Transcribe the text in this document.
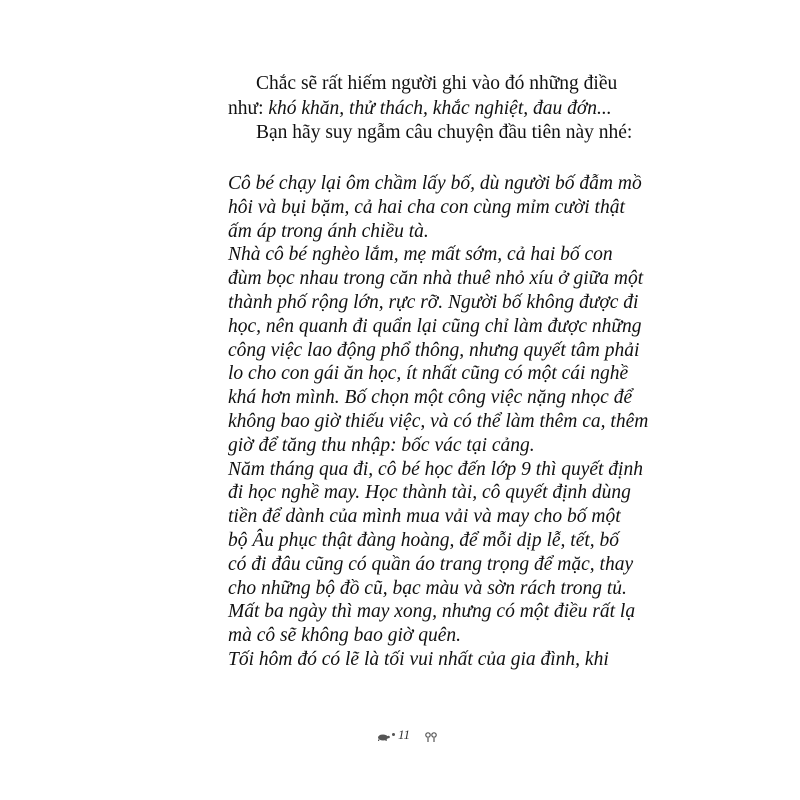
Chắc sẽ rất hiếm người ghi vào đó những điều
như: khó khăn, thử thách, khắc nghiệt, đau đớn...
Bạn hãy suy ngẫm câu chuyện đầu tiên này nhé:
Cô bé chạy lại ôm chầm lấy bố, dù người bố đẫm mồ
hôi và bụi bặm, cả hai cha con cùng mỉm cười thật
ấm áp trong ánh chiều tà.
Nhà cô bé nghèo lắm, mẹ mất sớm, cả hai bố con
đùm bọc nhau trong căn nhà thuê nhỏ xíu ở giữa một
thành phố rộng lớn, rực rỡ. Người bố không được đi
học, nên quanh đi quẩn lại cũng chỉ làm được những
công việc lao động phổ thông, nhưng quyết tâm phải
lo cho con gái ăn học, ít nhất cũng có một cái nghề
khá hơn mình. Bố chọn một công việc nặng nhọc để
không bao giờ thiếu việc, và có thể làm thêm ca, thêm
giờ để tăng thu nhập: bốc vác tại cảng.
Năm tháng qua đi, cô bé học đến lớp 9 thì quyết định
đi học nghề may. Học thành tài, cô quyết định dùng
tiền để dành của mình mua vải và may cho bố một
bộ Âu phục thật đàng hoàng, để mỗi dịp lễ, tết, bố
có đi đâu cũng có quần áo trang trọng để mặc, thay
cho những bộ đồ cũ, bạc màu và sờn rách trong tủ.
Mất ba ngày thì may xong, nhưng có một điều rất lạ
mà cô sẽ không bao giờ quên.
Tối hôm đó có lẽ là tối vui nhất của gia đình, khi
11
